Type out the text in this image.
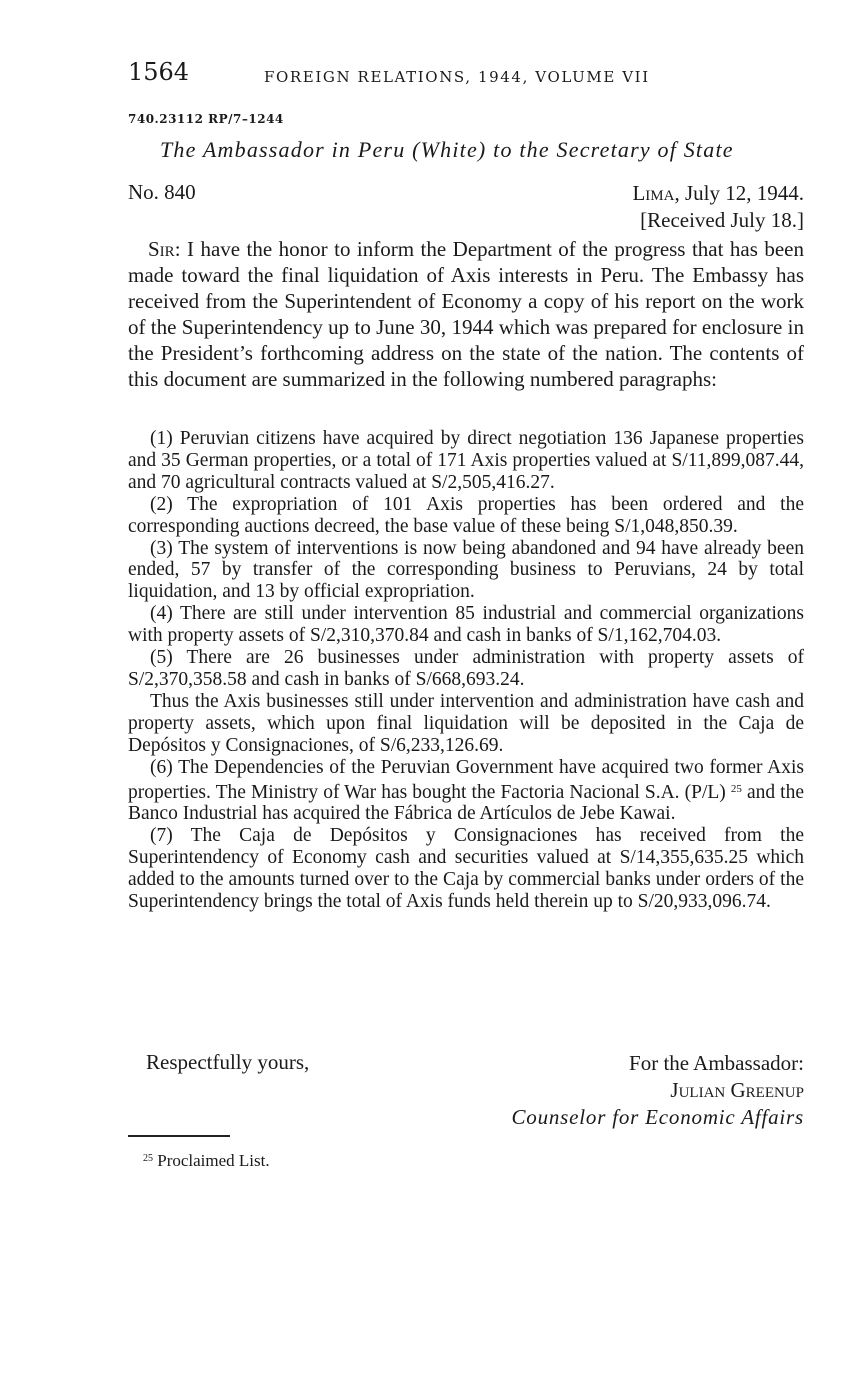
1564	FOREIGN RELATIONS, 1944, VOLUME VII
740.23112 RP/7–1244
The Ambassador in Peru (White) to the Secretary of State
No. 840	Lima, July 12, 1944.
[Received July 18.]

Sir: I have the honor to inform the Department of the progress that has been made toward the final liquidation of Axis interests in Peru. The Embassy has received from the Superintendent of Economy a copy of his report on the work of the Superintendency up to June 30, 1944 which was prepared for enclosure in the President’s forthcoming address on the state of the nation. The contents of this document are summarized in the following numbered paragraphs:

(1) Peruvian citizens have acquired by direct negotiation 136 Japanese properties and 35 German properties, or a total of 171 Axis properties valued at S/11,899,087.44, and 70 agricultural contracts valued at S/2,505,416.27.

(2) The expropriation of 101 Axis properties has been ordered and the corresponding auctions decreed, the base value of these being S/1,048,850.39.

(3) The system of interventions is now being abandoned and 94 have already been ended, 57 by transfer of the corresponding business to Peruvians, 24 by total liquidation, and 13 by official expropriation.

(4) There are still under intervention 85 industrial and commercial organizations with property assets of S/2,310,370.84 and cash in banks of S/1,162,704.03.

(5) There are 26 businesses under administration with property assets of S/2,370,358.58 and cash in banks of S/668,693.24.

Thus the Axis businesses still under intervention and administration have cash and property assets, which upon final liquidation will be deposited in the Caja de Depósitos y Consignaciones, of S/6,233,126.69.

(6) The Dependencies of the Peruvian Government have acquired two former Axis properties. The Ministry of War has bought the Factoria Nacional S.A. (P/L) $^{25}$ and the Banco Industrial has acquired the Fábrica de Artículos de Jebe Kawai.

(7) The Caja de Depósitos y Consignaciones has received from the Superintendency of Economy cash and securities valued at S/14,355,635.25 which added to the amounts turned over to the Caja by commercial banks under orders of the Superintendency brings the total of Axis funds held therein up to S/20,933,096.74.

Respectfully yours,	For the Ambassador:
Julian Greenup
Counselor for Economic Affairs
$^{25}$ Proclaimed List.
